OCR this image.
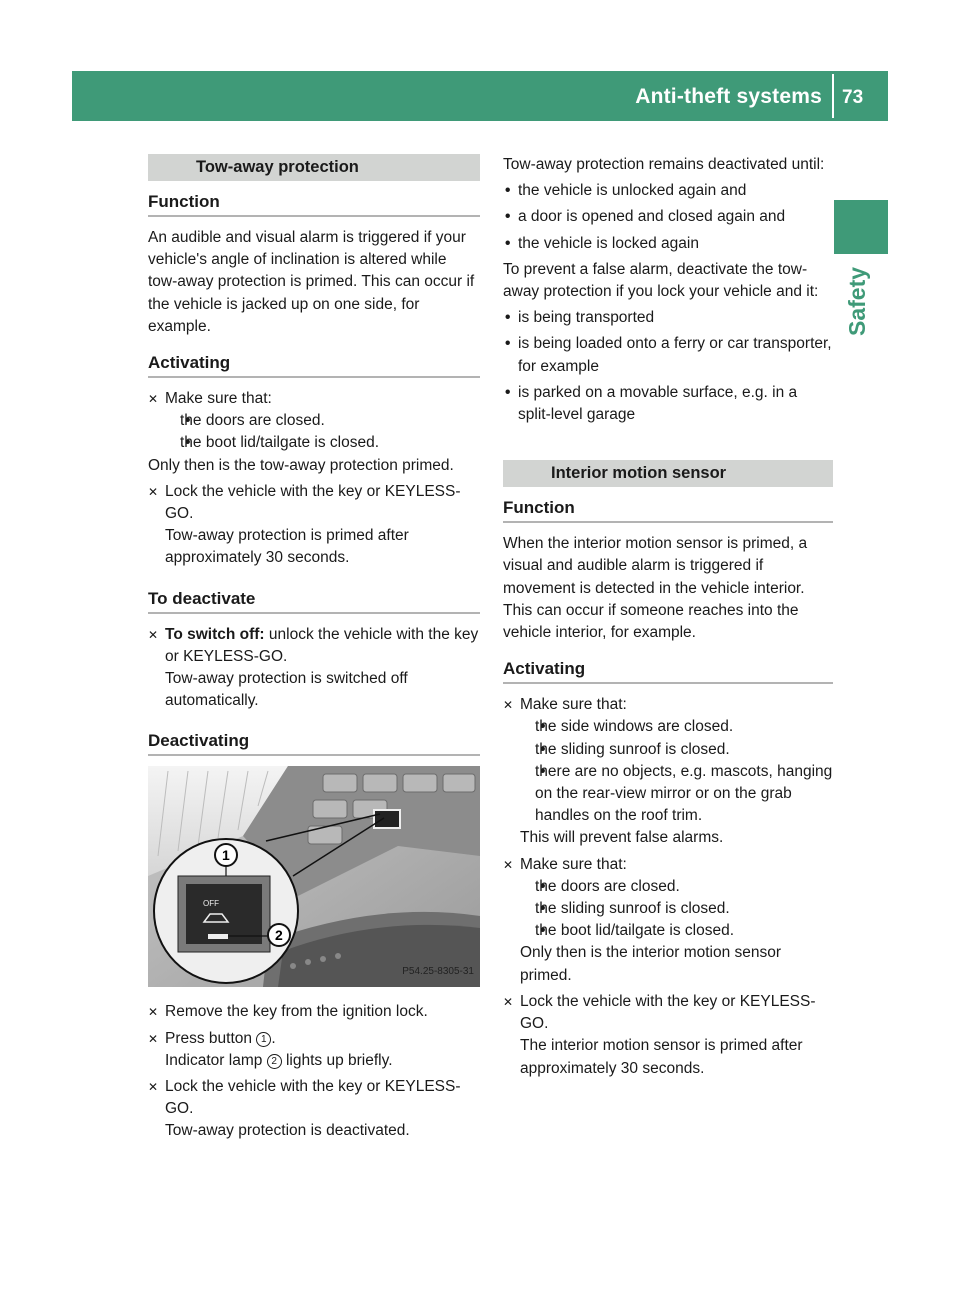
Anti-theft systems 73
Safety
Tow-away protection
Function

An audible and visual alarm is triggered if your vehicle's angle of inclination is altered while tow-away protection is primed. This can occur if the vehicle is jacked up on one side, for example.

Activating
✕ Make sure that:
• the doors are closed.
• the boot lid/tailgate is closed.
Only then is the tow-away protection primed.
✕ Lock the vehicle with the key or KEYLESS-GO.
Tow-away protection is primed after approximately 30 seconds.
To deactivate
✕ To switch off: unlock the vehicle with the key or KEYLESS-GO.
Tow-away protection is switched off automatically.
Deactivating
OFF
1
2
P54.25-8305-31
✕ Remove the key from the ignition lock.
✕ Press button 1 .
Indicator lamp 2 lights up briefly.
✕ Lock the vehicle with the key or KEYLESS-GO.
Tow-away protection is deactivated.

Tow-away protection remains deactivated until:

• the vehicle is unlocked again and
• a door is opened and closed again and
• the vehicle is locked again

To prevent a false alarm, deactivate the tow-away protection if you lock your vehicle and it:

• is being transported
• is being loaded onto a ferry or car transporter, for example
• is parked on a movable surface, e.g. in a split-level garage
Interior motion sensor
Function

When the interior motion sensor is primed, a visual and audible alarm is triggered if movement is detected in the vehicle interior. This can occur if someone reaches into the vehicle interior, for example.

Activating
✕ Make sure that:
• the side windows are closed.
• the sliding sunroof is closed.
• there are no objects, e.g. mascots, hanging on the rear-view mirror or on the grab handles on the roof trim.
This will prevent false alarms.
✕ Make sure that:
• the doors are closed.
• the sliding sunroof is closed.
• the boot lid/tailgate is closed.
Only then is the interior motion sensor primed.
✕ Lock the vehicle with the key or KEYLESS-GO.
The interior motion sensor is primed after approximately 30 seconds.
